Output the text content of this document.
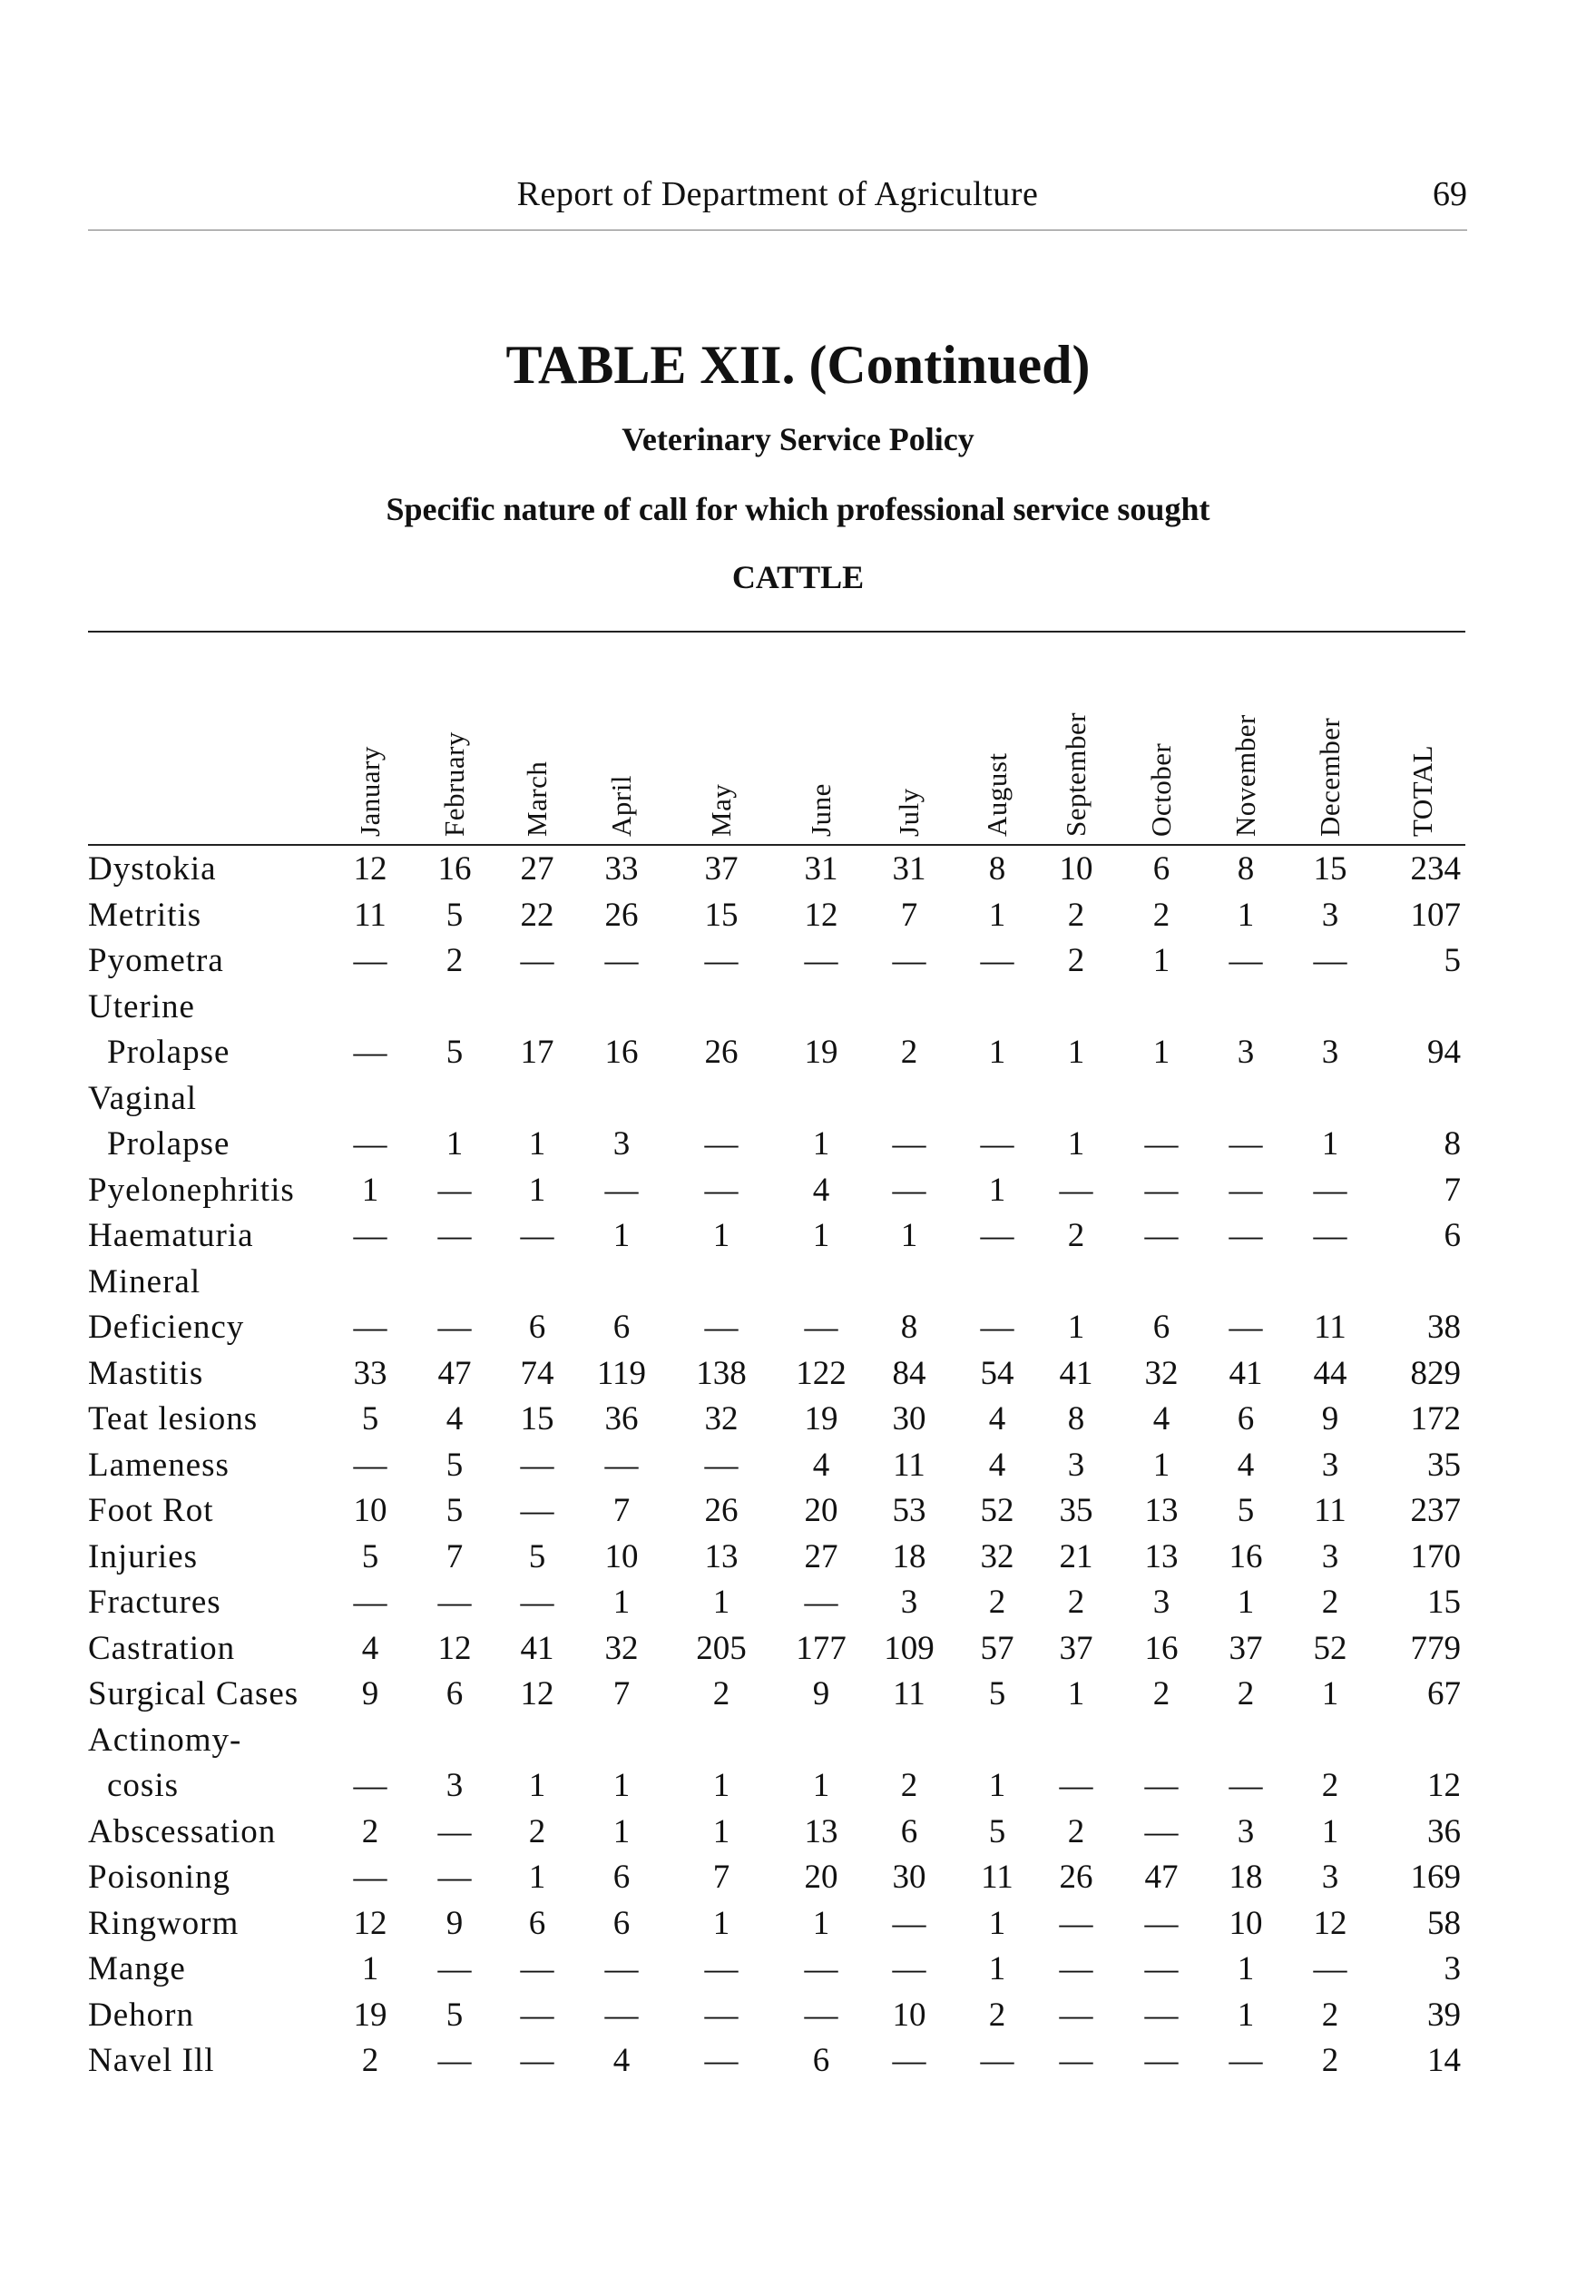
Report of Department of Agriculture	69
TABLE XII. (Continued)
Veterinary Service Policy
Specific nature of call for which professional service sought
CATTLE
January February March April May June July August September October November December TOTAL
Dystokia	12	16	27	33	37	31	31	8	10	6	8	15	234
Metritis	11	5	22	26	15	12	7	1	2	2	1	3	107
Pyometra	—	2	—	—	—	—	—	—	2	1	—	—	5
Uterine
Prolapse	—	5	17	16	26	19	2	1	1	1	3	3	94
Vaginal
Prolapse	—	1	1	3	—	1	—	—	1	—	—	1	8
Pyelonephritis	1	—	1	—	—	4	—	1	—	—	—	—	7
Haematuria	—	—	—	1	1	1	1	—	2	—	—	—	6
Mineral
Deficiency	—	—	6	6	—	—	8	—	1	6	—	11	38
Mastitis	33	47	74	119	138	122	84	54	41	32	41	44	829
Teat lesions	5	4	15	36	32	19	30	4	8	4	6	9	172
Lameness	—	5	—	—	—	4	11	4	3	1	4	3	35
Foot Rot	10	5	—	7	26	20	53	52	35	13	5	11	237
Injuries	5	7	5	10	13	27	18	32	21	13	16	3	170
Fractures	—	—	—	1	1	—	3	2	2	3	1	2	15
Castration	4	12	41	32	205	177	109	57	37	16	37	52	779
Surgical Cases	9	6	12	7	2	9	11	5	1	2	2	1	67
Actinomy-
cosis	—	3	1	1	1	1	2	1	—	—	—	2	12
Abscessation	2	—	2	1	1	13	6	5	2	—	3	1	36
Poisoning	—	—	1	6	7	20	30	11	26	47	18	3	169
Ringworm	12	9	6	6	1	1	—	1	—	—	10	12	58
Mange	1	—	—	—	—	—	—	1	—	—	1	—	3
Dehorn	19	5	—	—	—	—	10	2	—	—	1	2	39
Navel Ill	2	—	—	4	—	6	—	—	—	—	—	2	14
